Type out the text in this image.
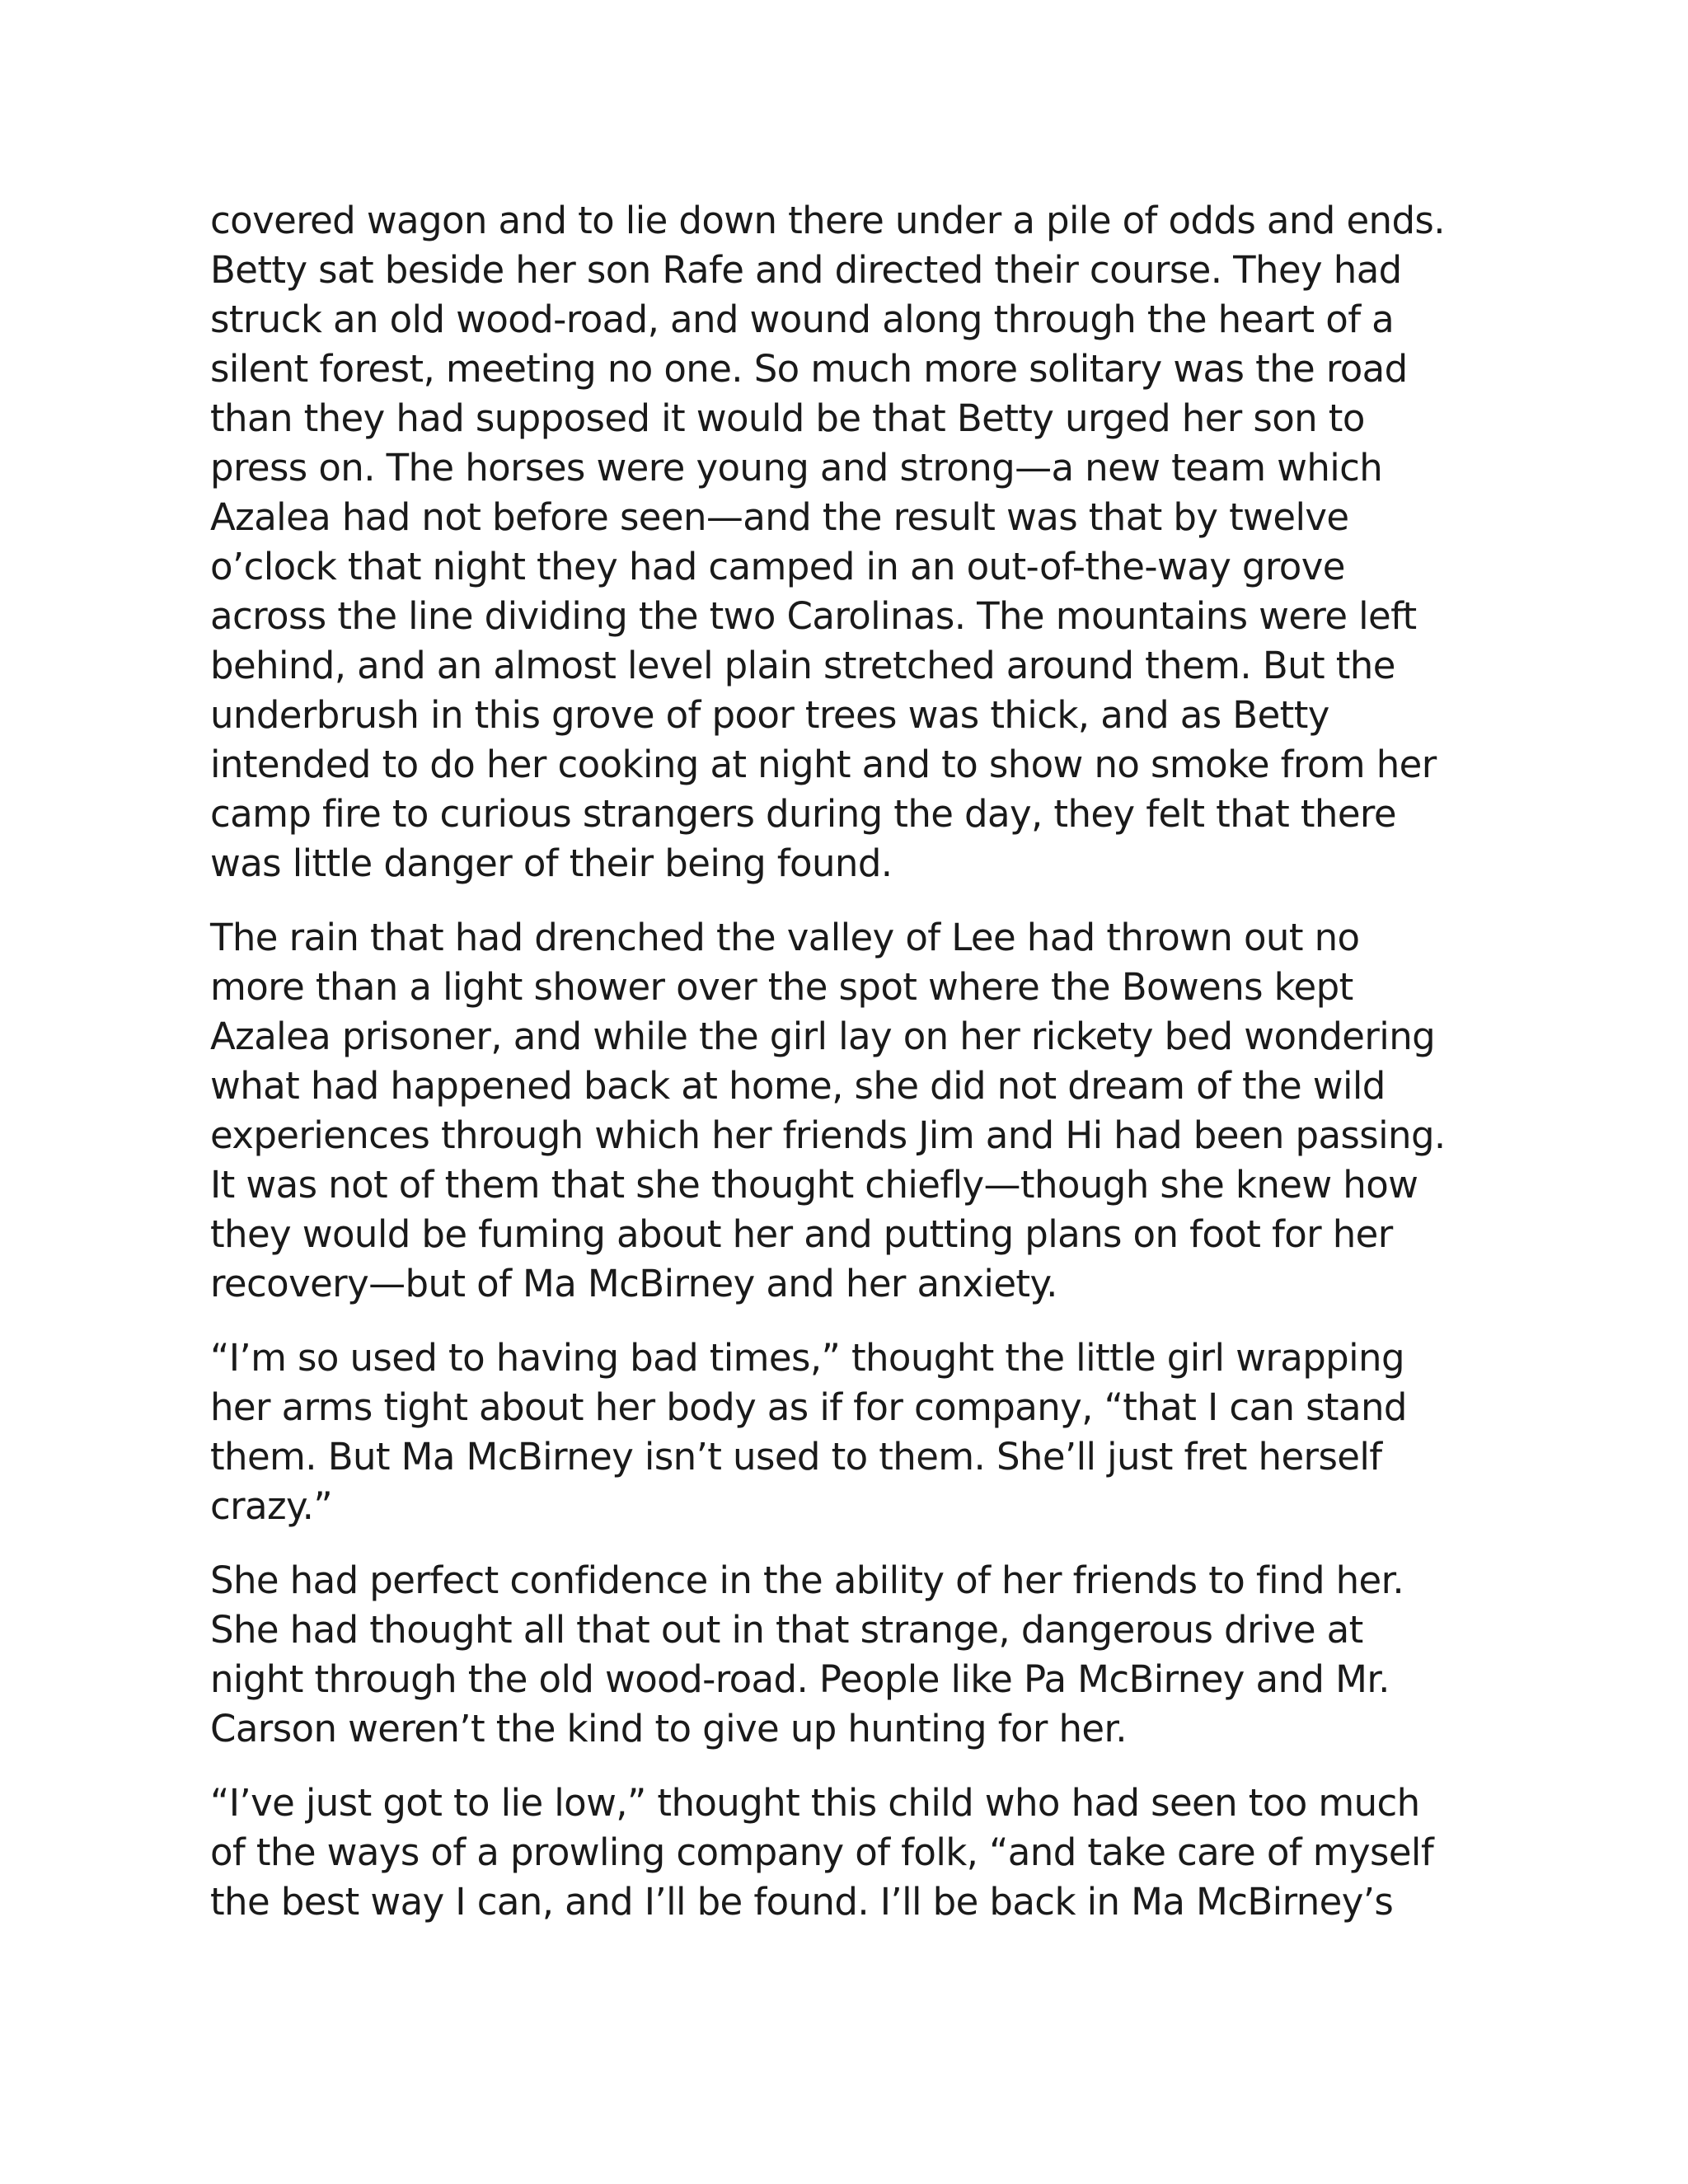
covered wagon and to lie down there under a pile of odds and ends.
Betty sat beside her son Rafe and directed their course. They had
struck an old wood-road, and wound along through the heart of a
silent forest, meeting no one. So much more solitary was the road
than they had supposed it would be that Betty urged her son to
press on. The horses were young and strong—a new team which
Azalea had not before seen—and the result was that by twelve
o’clock that night they had camped in an out-of-the-way grove
across the line dividing the two Carolinas. The mountains were left
behind, and an almost level plain stretched around them. But the
underbrush in this grove of poor trees was thick, and as Betty
intended to do her cooking at night and to show no smoke from her
camp fire to curious strangers during the day, they felt that there
was little danger of their being found.
The rain that had drenched the valley of Lee had thrown out no
more than a light shower over the spot where the Bowens kept
Azalea prisoner, and while the girl lay on her rickety bed wondering
what had happened back at home, she did not dream of the wild
experiences through which her friends Jim and Hi had been passing.
It was not of them that she thought chiefly—though she knew how
they would be fuming about her and putting plans on foot for her
recovery—but of Ma McBirney and her anxiety.
“I’m so used to having bad times,” thought the little girl wrapping
her arms tight about her body as if for company, “that I can stand
them. But Ma McBirney isn’t used to them. She’ll just fret herself
crazy.”
She had perfect confidence in the ability of her friends to find her.
She had thought all that out in that strange, dangerous drive at
night through the old wood-road. People like Pa McBirney and Mr.
Carson weren’t the kind to give up hunting for her.
“I’ve just got to lie low,” thought this child who had seen too much
of the ways of a prowling company of folk, “and take care of myself
the best way I can, and I’ll be found. I’ll be back in Ma McBirney’s
